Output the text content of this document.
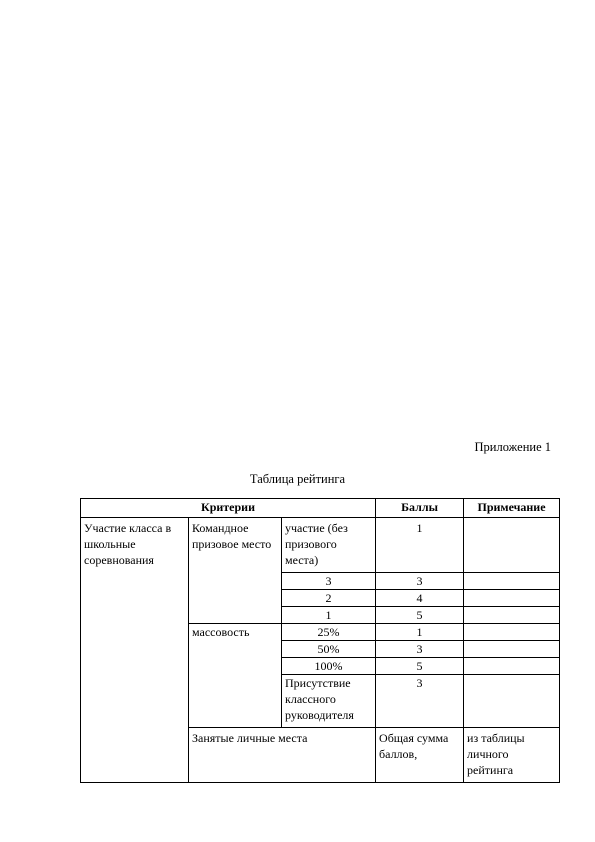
Приложение 1
Таблица рейтинга
Критерии			Баллы	Примечание
Участие класса в школьные соревнования	Командное призовое место	участие (без призового места)	1	
		3	3	
		2	4	
		1	5	
	массовость	25%	1	
		50%	3	
		100%	5	
		Присутствие классного руководителя	3	
	Занятые личные места		Общая сумма баллов,	из таблицы личного рейтинга
